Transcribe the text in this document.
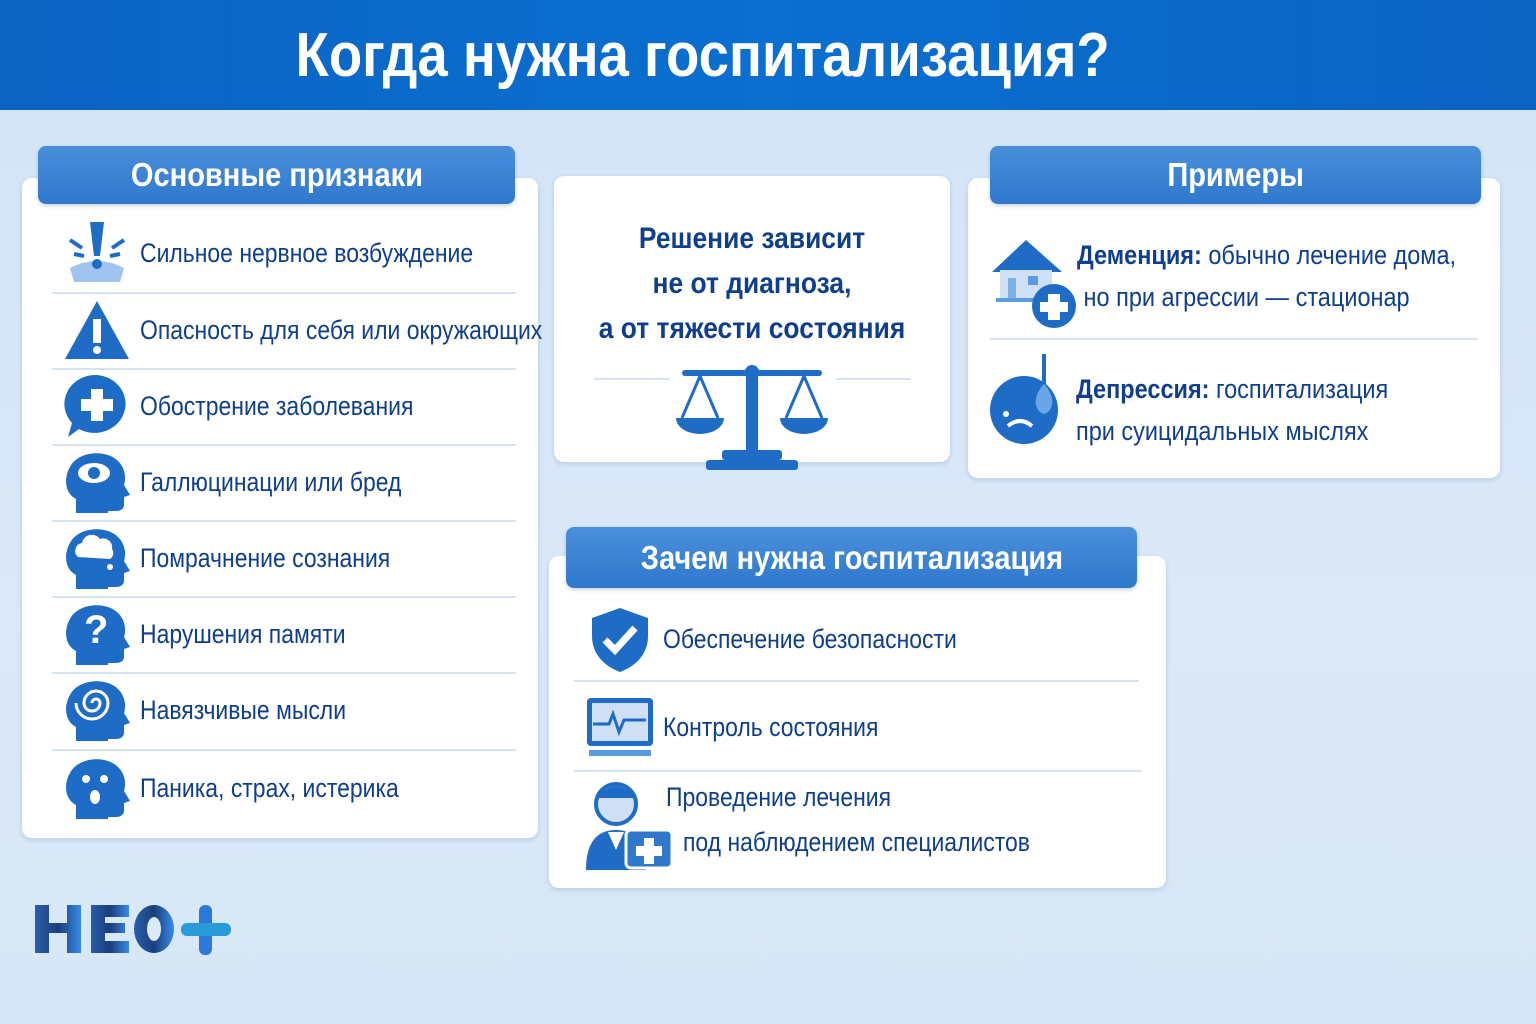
Когда нужна госпитализация?
Основные признаки
Сильное нервное возбуждение
Опасность для себя или окружающих
Обострение заболевания
Галлюцинации или бред
Помрачнение сознания
? Нарушения памяти
Навязчивые мысли
Паника, страх, истерика
Решение зависит
не от диагноза,
а от тяжести состояния
Примеры
Деменция: обычно лечение дома,
но при агрессии — стационар
Депрессия: госпитализация
при суицидальных мыслях
Зачем нужна госпитализация
Обеспечение безопасности
Контроль состояния
Проведение лечения
под наблюдением специалистов
